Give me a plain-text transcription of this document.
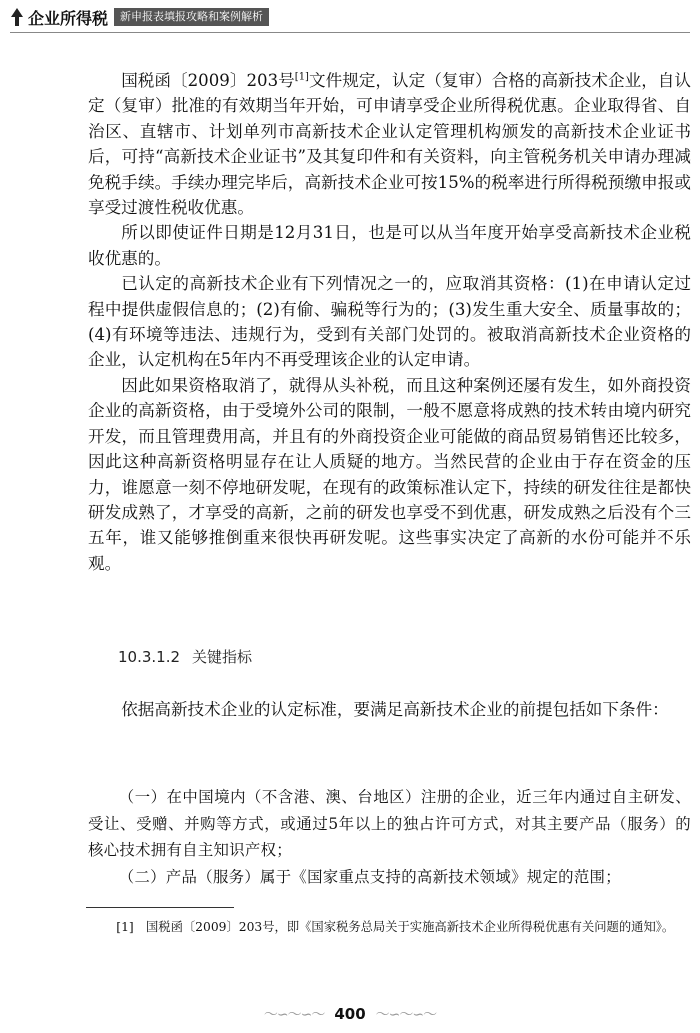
企业所得税	新申报表填报攻略和案例解析

国税函〔2009〕203号[1]文件规定，认定（复审）合格的高新技术企业，自认定（复审）批准的有效期当年开始，可申请享受企业所得税优惠。企业取得省、自治区、直辖市、计划单列市高新技术企业认定管理机构颁发的高新技术企业证书后，可持“高新技术企业证书”及其复印件和有关资料，向主管税务机关申请办理减免税手续。手续办理完毕后，高新技术企业可按15%的税率进行所得税预缴申报或享受过渡性税收优惠。

所以即使证件日期是12月31日，也是可以从当年度开始享受高新技术企业税收优惠的。

已认定的高新技术企业有下列情况之一的，应取消其资格：(1)在申请认定过程中提供虚假信息的；(2)有偷、骗税等行为的；(3)发生重大安全、质量事故的；(4)有环境等违法、违规行为，受到有关部门处罚的。被取消高新技术企业资格的企业，认定机构在5年内不再受理该企业的认定申请。

因此如果资格取消了，就得从头补税，而且这种案例还屡有发生，如外商投资企业的高新资格，由于受境外公司的限制，一般不愿意将成熟的技术转由境内研究开发，而且管理费用高，并且有的外商投资企业可能做的商品贸易销售还比较多，因此这种高新资格明显存在让人质疑的地方。当然民营的企业由于存在资金的压力，谁愿意一刻不停地研发呢，在现有的政策标准认定下，持续的研发往往是都快研发成熟了，才享受的高新，之前的研发也享受不到优惠，研发成熟之后没有个三五年，谁又能够推倒重来很快再研发呢。这些事实决定了高新的水份可能并不乐观。

10.3.1.2 关键指标

依据高新技术企业的认定标准，要满足高新技术企业的前提包括如下条件：

（一）在中国境内（不含港、澳、台地区）注册的企业，近三年内通过自主研发、受让、受赠、并购等方式，或通过5年以上的独占许可方式，对其主要产品（服务）的核心技术拥有自主知识产权；

（二）产品（服务）属于《国家重点支持的高新技术领域》规定的范围；

[1]　国税函〔2009〕203号，即《国家税务总局关于实施高新技术企业所得税优惠有关问题的通知》。
～∽～∽～ 400 ～∽～∽～
